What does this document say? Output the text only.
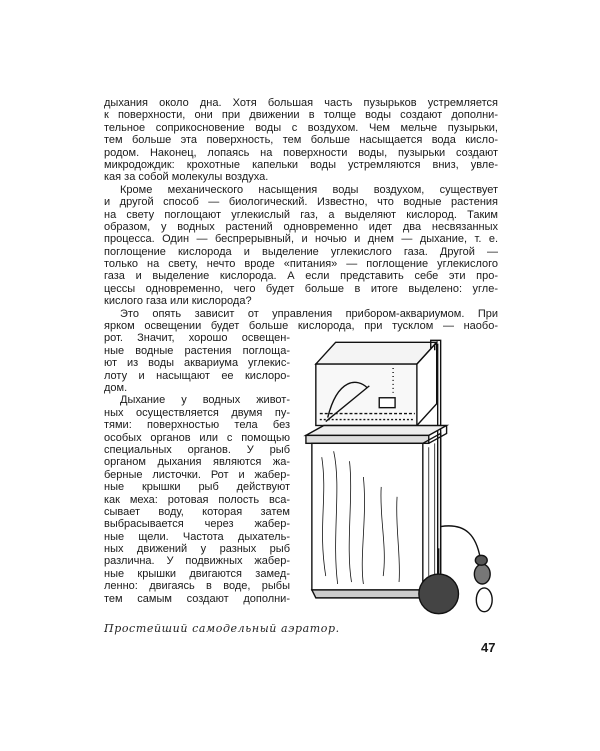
дыхания около дна. Хотя большая часть пузырьков устремляется
к поверхности, они при движении в толще воды создают дополни-
тельное соприкосновение воды с воздухом. Чем мельче пузырьки,
тем больше эта поверхность, тем больше насыщается вода кисло-
родом. Наконец, лопаясь на поверхности воды, пузырьки создают
микродождик: крохотные капельки воды устремляются вниз, увле-
кая за собой молекулы воздуха.
Кроме механического насыщения воды воздухом, существует
и другой способ — биологический. Известно, что водные растения
на свету поглощают углекислый газ, а выделяют кислород. Таким
образом, у водных растений одновременно идет два несвязанных
процесса. Один — беспрерывный, и ночью и днем — дыхание, т. е.
поглощение кислорода и выделение углекислого газа. Другой —
только на свету, нечто вроде «питания» — поглощение углекислого
газа и выделение кислорода. А если представить себе эти про-
цессы одновременно, чего будет больше в итоге выделено: угле-
кислого газа или кислорода?
Это опять зависит от управления прибором-аквариумом. При
ярком освещении будет больше кислорода, при тусклом — наобо-
рот. Значит, хорошо освещен-
ные водные растения поглоща-
ют из воды аквариума углекис-
лоту и насыщают ее кислоро-
дом.
Дыхание у водных живот-
ных осуществляется двумя пу-
тями: поверхностью тела без
особых органов или с помощью
специальных органов. У рыб
органом дыхания являются жа-
берные листочки. Рот и жабер-
ные крышки рыб действуют
как меха: ротовая полость вса-
сывает воду, которая затем
выбрасывается через жабер-
ные щели. Частота дыхатель-
ных движений у разных рыб
различна. У подвижных жабер-
ные крышки двигаются замед-
ленно: двигаясь в воде, рыбы
тем самым создают дополни-
Простейший самодельный аэратор.
47
